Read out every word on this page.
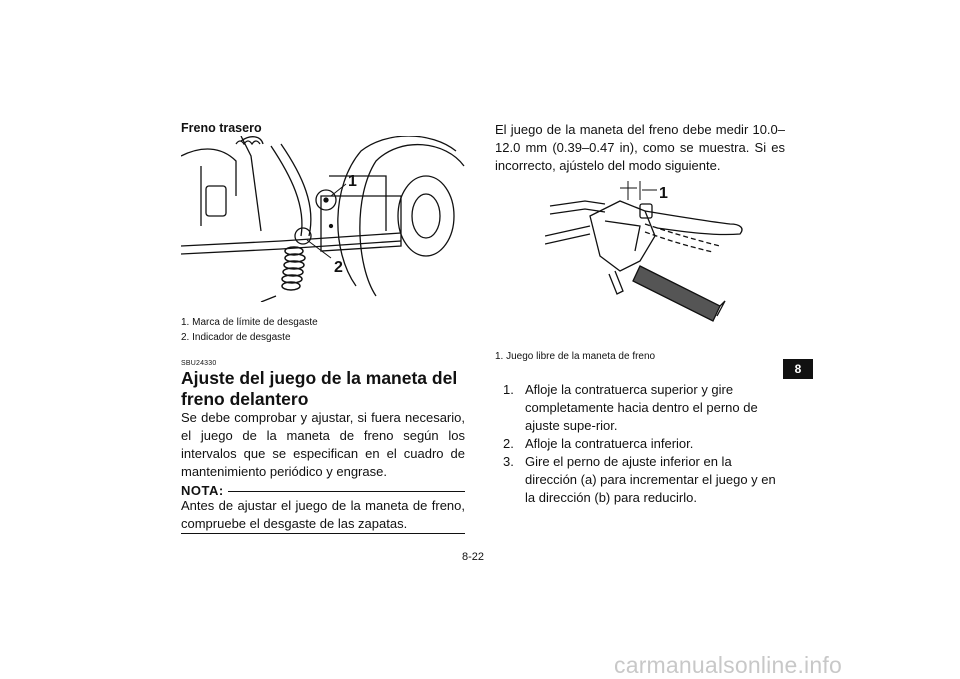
Freno trasero
1
2
1. Marca de límite de desgaste
2. Indicador de desgaste
SBU24330
Ajuste del juego de la maneta del freno delantero
Se debe comprobar y ajustar, si fuera necesario, el juego de la maneta de freno según los intervalos que se especifican en el cuadro de mantenimiento periódico y engrase.
NOTA:
Antes de ajustar el juego de la maneta de freno, compruebe el desgaste de las zapatas.
El juego de la maneta del freno debe medir 10.0–12.0 mm (0.39–0.47 in), como se muestra. Si es incorrecto, ajústelo del modo siguiente.
1
1. Juego libre de la maneta de freno
1. Afloje la contratuerca superior y gire completamente hacia dentro el perno de ajuste supe-rior.
2. Afloje la contratuerca inferior.
3. Gire el perno de ajuste inferior en la dirección (a) para incrementar el juego y en la dirección (b) para reducirlo.
8
8-22
carmanualsonline.info
